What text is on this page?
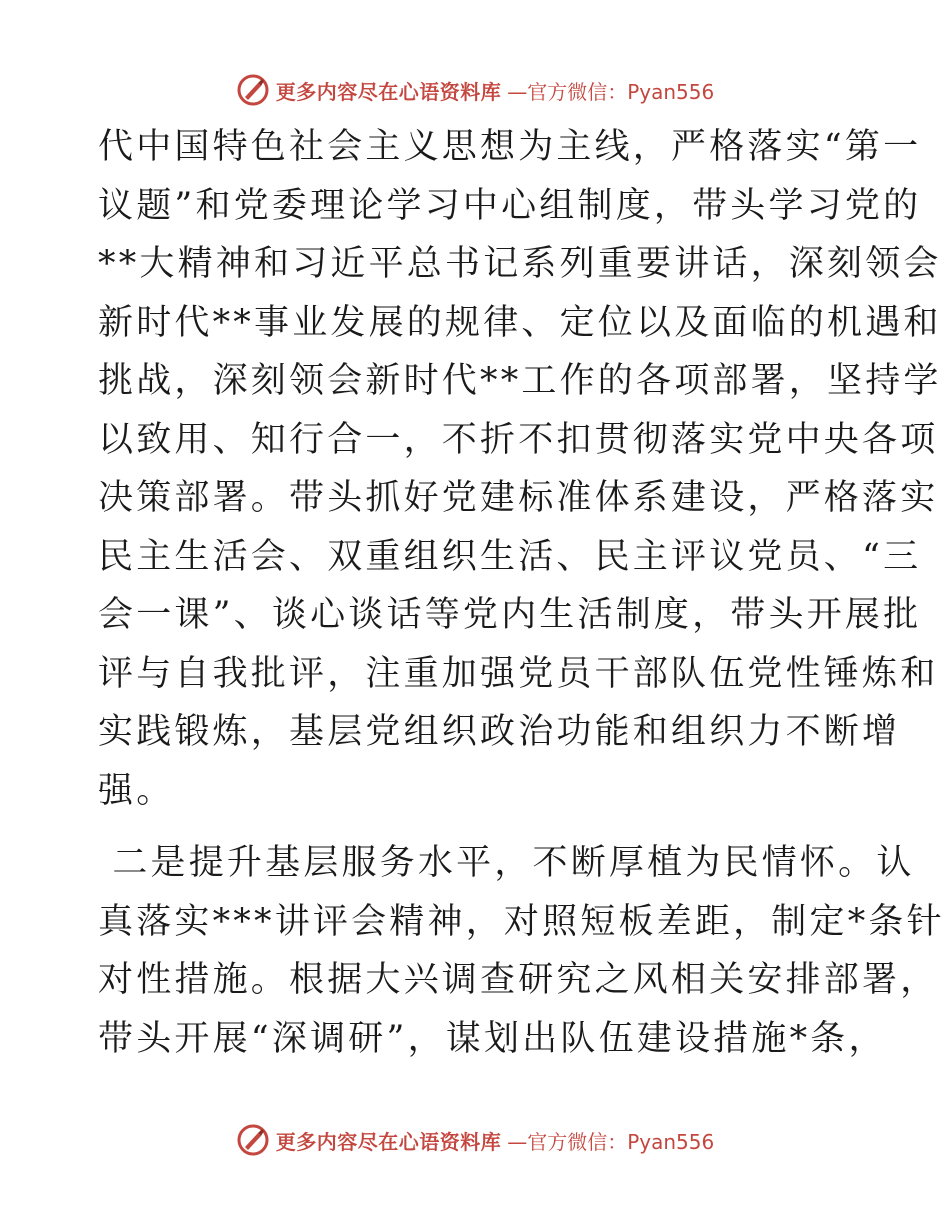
更多内容尽在心语资料库 —官方微信：Pyan556
代中国特色社会主义思想为主线，严格落实“第一
议题”和党委理论学习中心组制度，带头学习党的
**大精神和习近平总书记系列重要讲话，深刻领会
新时代**事业发展的规律、定位以及面临的机遇和
挑战，深刻领会新时代**工作的各项部署，坚持学
以致用、知行合一，不折不扣贯彻落实党中央各项
决策部署。带头抓好党建标准体系建设，严格落实
民主生活会、双重组织生活、民主评议党员、“三
会一课”、谈心谈话等党内生活制度，带头开展批
评与自我批评，注重加强党员干部队伍党性锤炼和
实践锻炼，基层党组织政治功能和组织力不断增
强。
二是提升基层服务水平，不断厚植为民情怀。认
真落实***讲评会精神，对照短板差距，制定*条针
对性措施。根据大兴调查研究之风相关安排部署，
带头开展“深调研”，谋划出队伍建设措施*条，
更多内容尽在心语资料库 —官方微信：Pyan556
